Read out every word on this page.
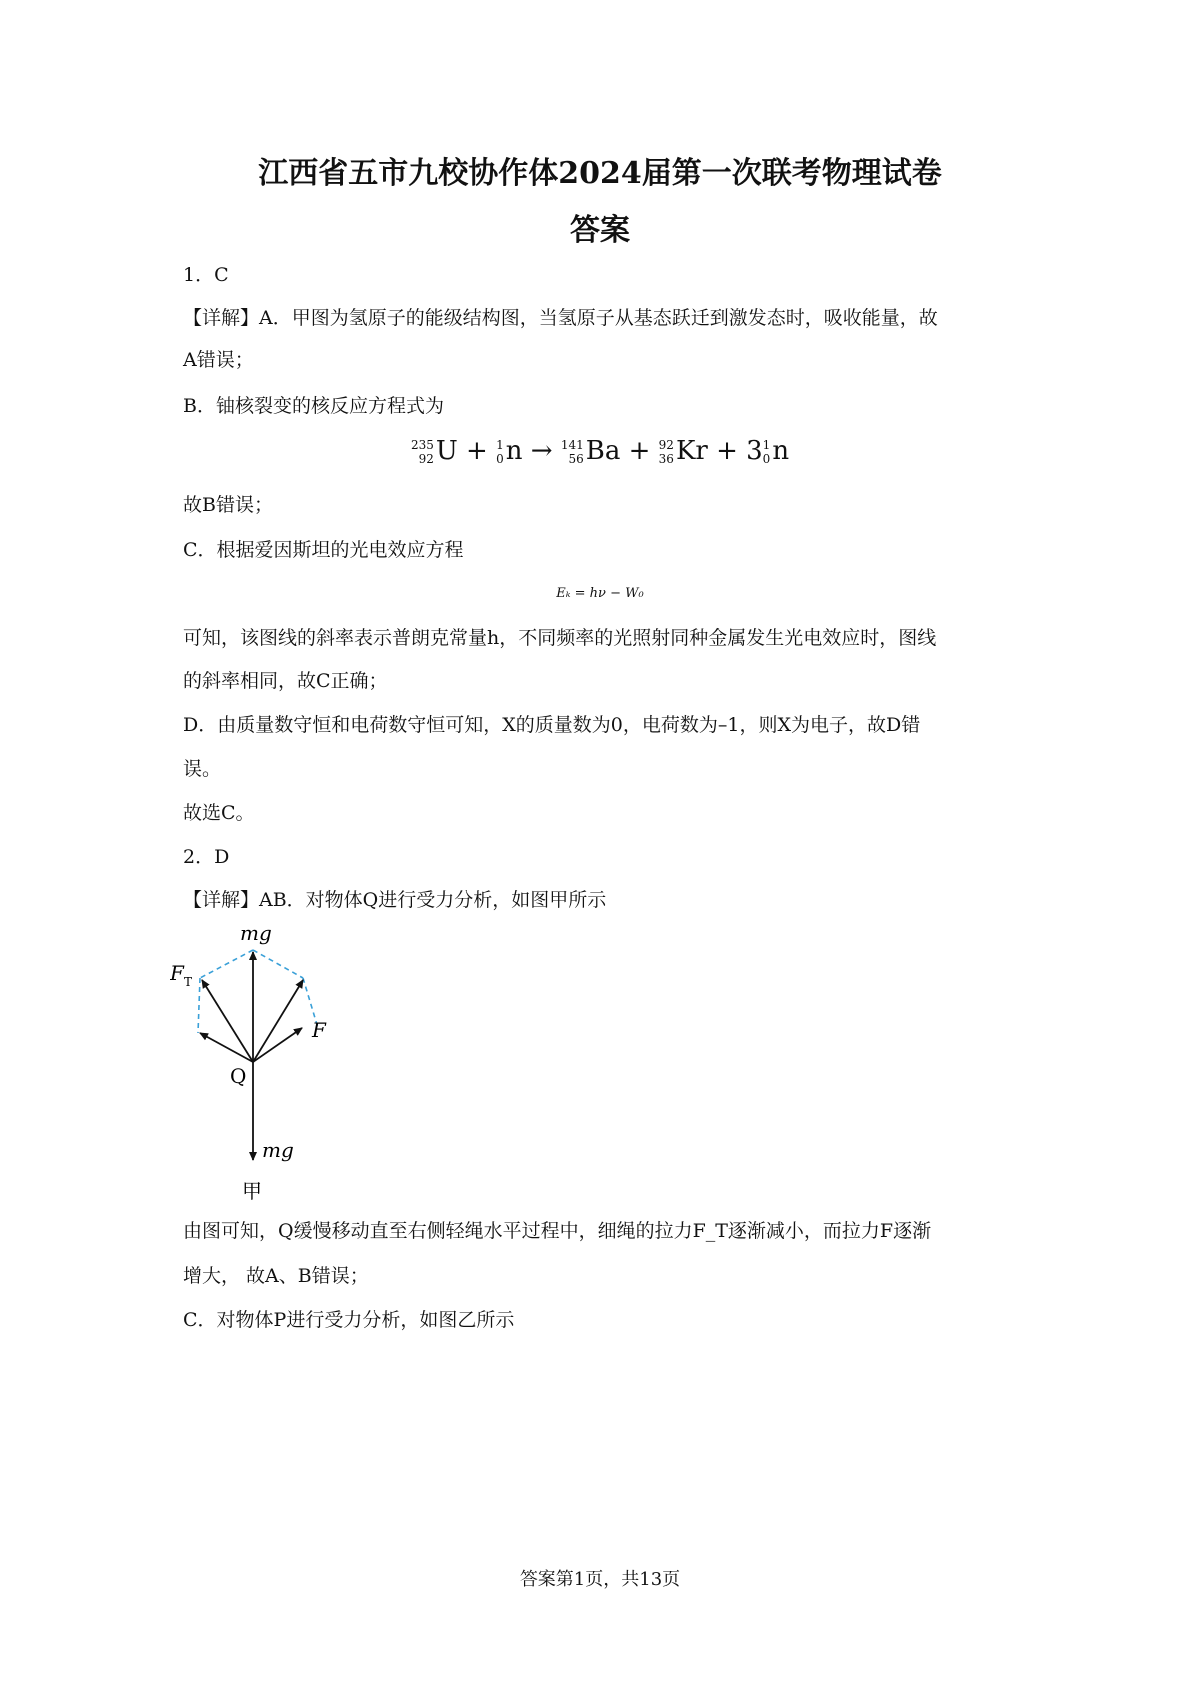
江西省五市九校协作体2024届第一次联考物理试卷
答案
1．C
【详解】A．甲图为氢原子的能级结构图，当氢原子从基态跃迁到激发态时，吸收能量，故
A错误；
B．铀核裂变的核反应方程式为
235
92U + 1
0n → 141
56Ba + 92
36Kr + 31
0n
故B错误；
C．根据爱因斯坦的光电效应方程
Eₖ = hν − W₀
可知，该图线的斜率表示普朗克常量h，不同频率的光照射同种金属发生光电效应时，图线
的斜率相同，故C正确；
D．由质量数守恒和电荷数守恒可知，X的质量数为0，电荷数为–1，则X为电子，故D错
误。
故选C。
2．D
【详解】AB．对物体Q进行受力分析，如图甲所示
mg
F T
F
Q
mg
甲
由图可知，Q缓慢移动直至右侧轻绳水平过程中，细绳的拉力F_T逐渐减小，而拉力F逐渐
增大， 故A、B错误；
C．对物体P进行受力分析，如图乙所示
答案第1页，共13页
